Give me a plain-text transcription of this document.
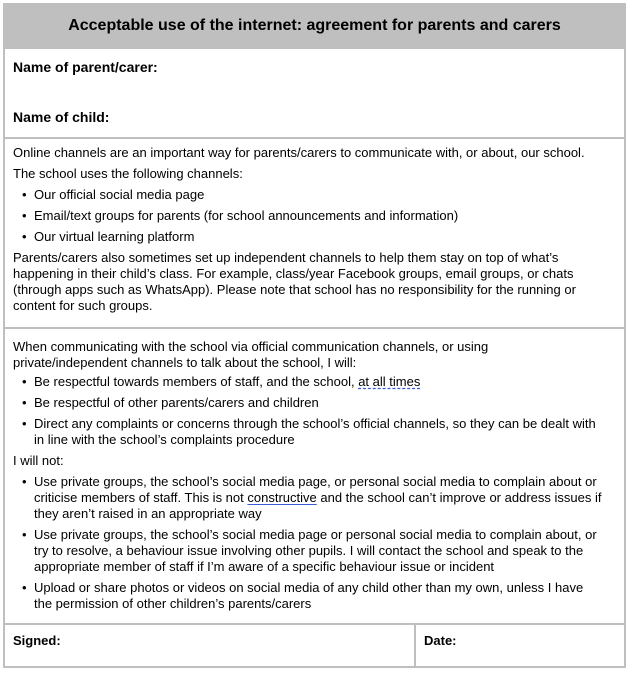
Acceptable use of the internet: agreement for parents and carers
Name of parent/carer:
Name of child:

Online channels are an important way for parents/carers to communicate with, or about, our school.

The school uses the following channels:

• Our official social media page
• Email/text groups for parents (for school announcements and information)
• Our virtual learning platform
Parents/carers also sometimes set up independent channels to help them stay on top of what’s
happening in their child’s class. For example, class/year Facebook groups, email groups, or chats
(through apps such as WhatsApp). Please note that school has no responsibility for the running or
content for such groups.
When communicating with the school via official communication channels, or using
private/independent channels to talk about the school, I will:
• Be respectful towards members of staff, and the school, at all times
• Be respectful of other parents/carers and children
• Direct any complaints or concerns through the school’s official channels, so they can be dealt with
in line with the school’s complaints procedure

I will not:

• Use private groups, the school’s social media page, or personal social media to complain about or
criticise members of staff. This is not constructive and the school can’t improve or address issues if
they aren’t raised in an appropriate way
• Use private groups, the school’s social media page or personal social media to complain about, or
try to resolve, a behaviour issue involving other pupils. I will contact the school and speak to the
appropriate member of staff if I’m aware of a specific behaviour issue or incident
• Upload or share photos or videos on social media of any child other than my own, unless I have
the permission of other children’s parents/carers
Signed:	Date:
